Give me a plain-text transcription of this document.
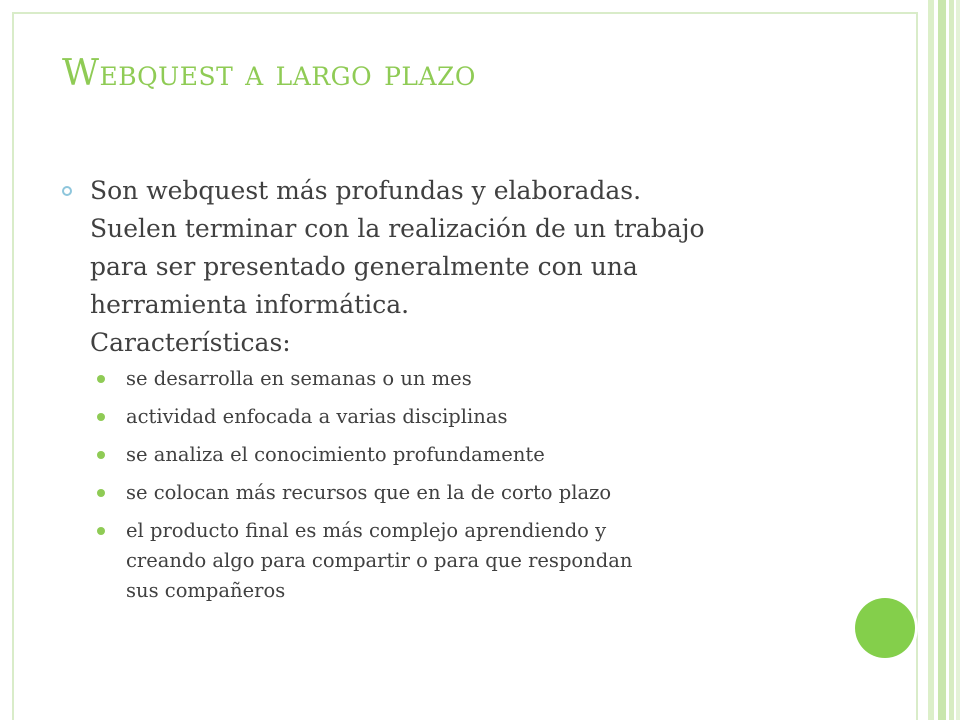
Webquest a largo plazo

Son webquest más profundas y elaboradas.
Suelen terminar con la realización de un trabajo
para ser presentado generalmente con una
herramienta informática.
Características:

se desarrolla en semanas o un mes
actividad enfocada a varias disciplinas
se analiza el conocimiento profundamente
se colocan más recursos que en la de corto plazo
el producto final es más complejo aprendiendo y
creando algo para compartir o para que respondan
sus compañeros
